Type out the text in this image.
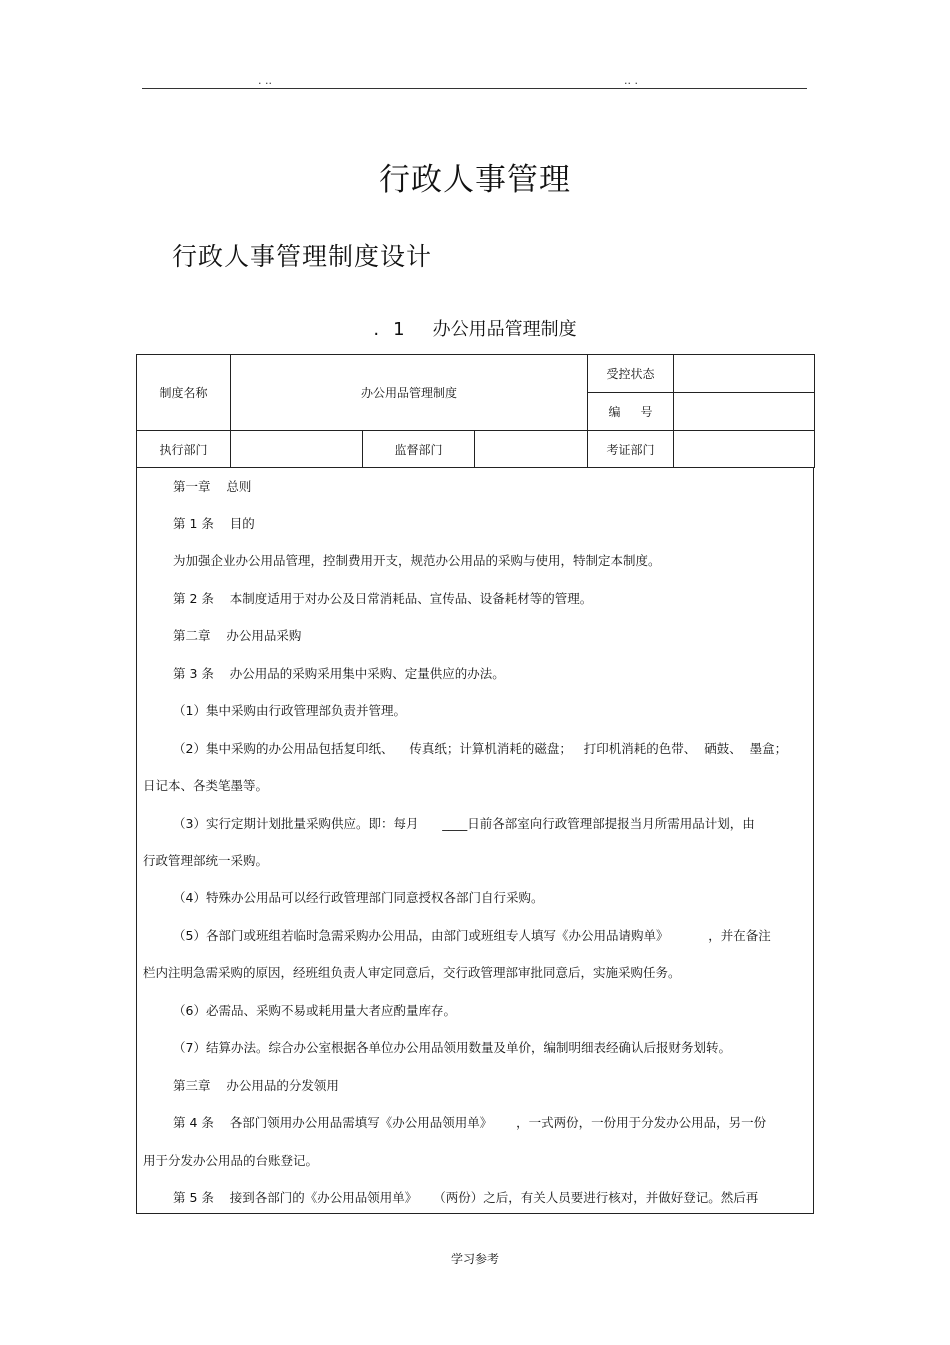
. ..	.. .
行政人事管理
行政人事管理制度设计
.1 办公用品管理制度
制度名称	办公用品管理制度			受控状态	
				编号	
执行部门		监督部门		考证部门	
第一章    总则
第 1 条    目的
为加强企业办公用品管理，控制费用开支，规范办公用品的采购与使用，特制定本制度。
第 2 条    本制度适用于对办公及日常消耗品、宣传品、设备耗材等的管理。
第二章    办公用品采购
第 3 条    办公用品的采购采用集中采购、定量供应的办法。
（1）集中采购由行政管理部负责并管理。
（2）集中采购的办公用品包括复印纸、    传真纸；计算机消耗的磁盘；   打印机消耗的色带、  硒鼓、  墨盒；
日记本、各类笔墨等。
（3）实行定期计划批量采购供应。即：每月      ____日前各部室向行政管理部提报当月所需用品计划，由
行政管理部统一采购。
（4）特殊办公用品可以经行政管理部门同意授权各部门自行采购。
（5）各部门或班组若临时急需采购办公用品，由部门或班组专人填写《办公用品请购单》          ，并在备注
栏内注明急需采购的原因，经班组负责人审定同意后，交行政管理部审批同意后，实施采购任务。
（6）必需品、采购不易或耗用量大者应酌量库存。
（7）结算办法。综合办公室根据各单位办公用品领用数量及单价，编制明细表经确认后报财务划转。
第三章    办公用品的分发领用
第 4 条    各部门领用办公用品需填写《办公用品领用单》      ，一式两份，一份用于分发办公用品，另一份
用于分发办公用品的台账登记。
第 5 条    接到各部门的《办公用品领用单》    （两份）之后，有关人员要进行核对，并做好登记。然后再
学习参考
